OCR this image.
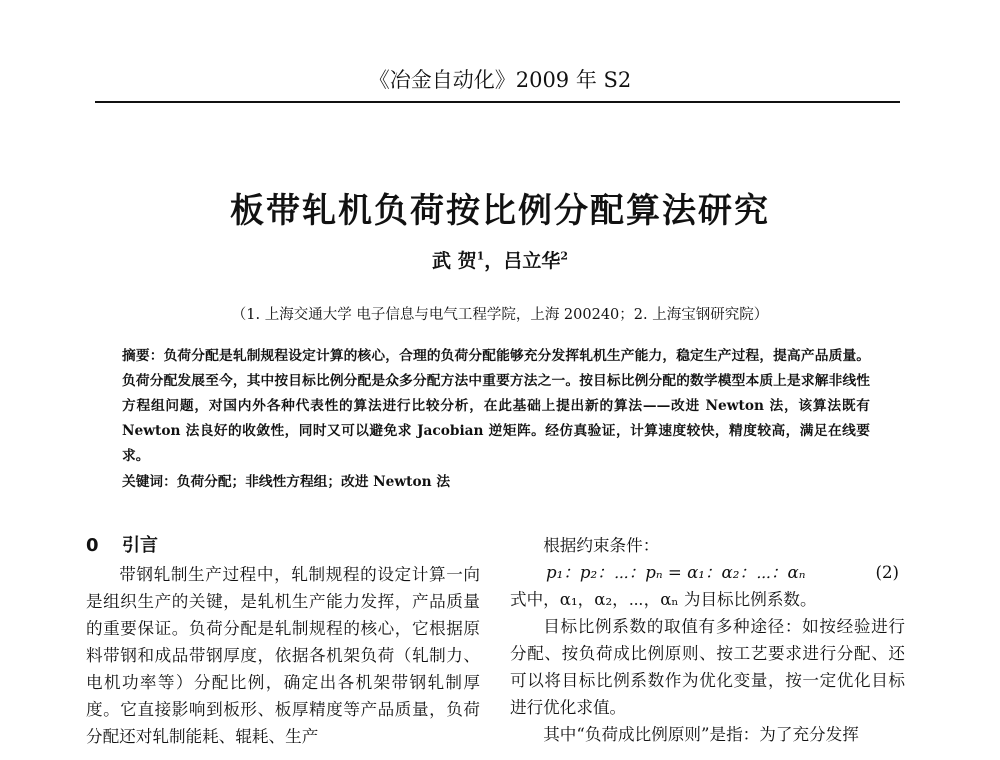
《冶金自动化》2009 年 S2
板带轧机负荷按比例分配算法研究
武 贺$^1$，吕立华$^2$
（1. 上海交通大学 电子信息与电气工程学院，上海 200240；2. 上海宝钢研究院）
摘要：负荷分配是轧制规程设定计算的核心，合理的负荷分配能够充分发挥轧机生产能力，稳定生产过程，提高产品质量。负荷分配发展至今，其中按目标比例分配是众多分配方法中重要方法之一。按目标比例分配的数学模型本质上是求解非线性方程组问题，对国内外各种代表性的算法进行比较分析，在此基础上提出新的算法——改进 Newton 法，该算法既有 Newton 法良好的收敛性，同时又可以避免求 Jacobian 逆矩阵。经仿真验证，计算速度较快，精度较高，满足在线要求。
关键词：负荷分配；非线性方程组；改进 Newton 法
0 引言

带钢轧制生产过程中，轧制规程的设定计算一向是组织生产的关键，是轧机生产能力发挥，产品质量的重要保证。负荷分配是轧制规程的核心，它根据原料带钢和成品带钢厚度，依据各机架负荷（轧制力、电机功率等）分配比例，确定出各机架带钢轧制厚度。它直接影响到板形、板厚精度等产品质量，负荷分配还对轧制能耗、辊耗、生产

根据约束条件：

p₁：p₂：⋯：pₙ = α₁：α₂：⋯：αₙ	(2)

式中，α₁，α₂，⋯，αₙ 为目标比例系数。

目标比例系数的取值有多种途径：如按经验进行分配、按负荷成比例原则、按工艺要求进行分配、还可以将目标比例系数作为优化变量，按一定优化目标进行优化求值。

其中“负荷成比例原则”是指：为了充分发挥
